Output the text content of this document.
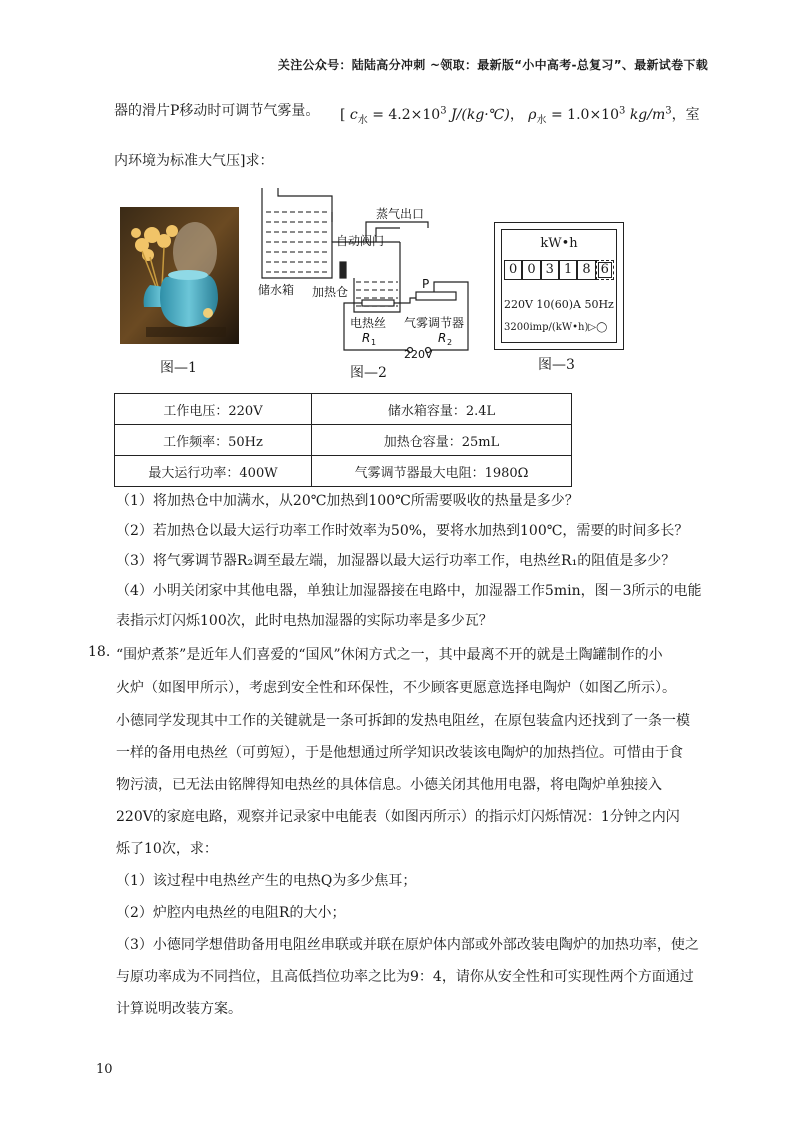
关注公众号：陆陆高分冲刺 ~领取：最新版“小中高考-总复习”、最新试卷下载
器的滑片P移动时可调节气雾量。 [ $c_水 = 4.2\times 10^3$ J/(kg·℃)， $\rho_水 = 1.0\times 10^3$ $kg/m^3$，室
内环境为标准大气压]求：
图—1
蒸气出口
自动阀门
储水箱 加热仓
P
电热丝
R 1
气雾调节器
R 2
220V
图—2
kW•h
0 0 3 1 8 6
220V 10(60)A 50Hz
3200imp/(kW•h)▷◯
图—3
工作电压：220V	储水箱容量：2.4L
工作频率：50Hz	加热仓容量：25mL
最大运行功率：400W	气雾调节器最大电阻：1980Ω
（1）将加热仓中加满水，从20℃加热到100℃所需要吸收的热量是多少？
（2）若加热仓以最大运行功率工作时效率为50%，要将水加热到100℃，需要的时间多长？
（3）将气雾调节器R₂调至最左端，加湿器以最大运行功率工作，电热丝R₁的阻值是多少？
（4）小明关闭家中其他电器，单独让加湿器接在电路中，加湿器工作5min，图－3所示的电能
表指示灯闪烁100次，此时电热加湿器的实际功率是多少瓦？
18. “围炉煮茶”是近年人们喜爱的“国风”休闲方式之一，其中最离不开的就是土陶罐制作的小
火炉（如图甲所示），考虑到安全性和环保性，不少顾客更愿意选择电陶炉（如图乙所示）。
小德同学发现其中工作的关键就是一条可拆卸的发热电阻丝，在原包装盒内还找到了一条一模
一样的备用电热丝（可剪短），于是他想通过所学知识改装该电陶炉的加热挡位。可惜由于食
物污渍，已无法由铭牌得知电热丝的具体信息。小德关闭其他用电器，将电陶炉单独接入
220V的家庭电路，观察并记录家中电能表（如图丙所示）的指示灯闪烁情况：1分钟之内闪
烁了10次，求：
（1）该过程中电热丝产生的电热Q为多少焦耳；
（2）炉腔内电热丝的电阻R的大小；
（3）小德同学想借助备用电阻丝串联或并联在原炉体内部或外部改装电陶炉的加热功率，使之
与原功率成为不同挡位，且高低挡位功率之比为9：4，请你从安全性和可实现性两个方面通过
计算说明改装方案。
10
